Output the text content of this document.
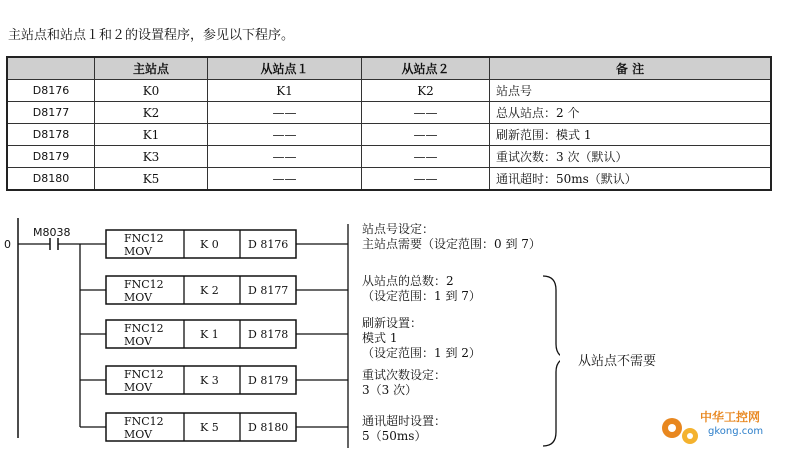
主站点和站点１和２的设置程序，参见以下程序。
	主站点	从站点１	从站点２	备 注
D8176	K0	K1	K2	站点号
D8177	K2	——	——	总从站点：2 个
D8178	K1	——	——	刷新范围：模式 1
D8179	K3	——	——	重试次数：3 次（默认）
D8180	K5	——	——	通讯超时：50ms（默认）
0
M8038	FNC12
MOV
K 0	D 8176
FNC12
MOV
K 2	D 8177
FNC12
MOV
K 1	D 8178
FNC12
MOV
K 3	D 8179
FNC12
MOV
K 5	D 8180
站点号设定：
主站点需要（设定范围：0 到 7）
从站点的总数：2
（设定范围：1 到 7）
刷新设置：
模式 1
（设定范围：1 到 2）
重试次数设定：
3（3 次）
通讯超时设置：
5（50ms）
从站点不需要
中华工控网
gkong.com
